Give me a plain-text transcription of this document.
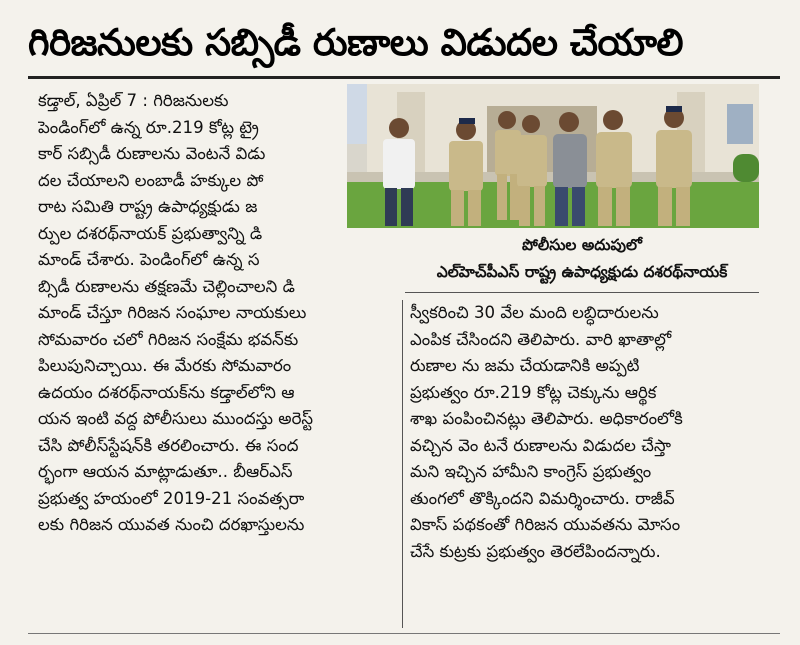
గిరిజనులకు సబ్సిడీ రుణాలు విడుదల చేయాలి

కడ్తాల్, ఏప్రిల్ 7 : గిరిజనులకు

పెండింగ్‌లో ఉన్న రూ.219 కోట్ల ట్రై

కార్ సబ్సిడీ రుణాలను వెంటనే విడు

దల చేయాలని లంబాడీ హక్కుల పో

రాట సమితి రాష్ట్ర ఉపాధ్యక్షుడు జ

ర్పుల దశరథ్‌నాయక్ ప్రభుత్వాన్ని డి

మాండ్ చేశారు. పెండింగ్‌లో ఉన్న స

బ్సిడీ రుణాలను తక్షణమే చెల్లించాలని డి

మాండ్ చేస్తూ గిరిజన సంఘాల నాయకులు

సోమవారం చలో గిరిజన సంక్షేమ భవన్‌కు

పిలుపునిచ్చాయి. ఈ మేరకు సోమవారం

ఉదయం దశరథ్‌నాయక్‌ను కడ్తాల్‌లోని ఆ

యన ఇంటి వద్ద పోలీసులు ముందస్తు అరెస్ట్

చేసి పోలీస్‌స్టేషన్‌కి తరలించారు. ఈ సంద

ర్భంగా ఆయన మాట్లాడుతూ.. బీఆర్ఎస్

ప్రభుత్వ హయంలో 2019-21 సంవత్సరా

లకు గిరిజన యువత నుంచి దరఖాస్తులను

పోలీసుల అదుపులో
ఎల్‌హెచ్‌పీఎస్ రాష్ట్ర ఉపాధ్యక్షుడు దశరథ్‌నాయక్

స్వీకరించి 30 వేల మంది లబ్ధిదారులను

ఎంపిక చేసిందని తెలిపారు. వారి ఖాతాల్లో

రుణాల ను జమ చేయడానికి అప్పటి

ప్రభుత్వం రూ.219 కోట్ల చెక్కును ఆర్థిక

శాఖ పంపించినట్లు తెలిపారు. అధికారంలోకి

వచ్చిన వెం టనే రుణాలను విడుదల చేస్తా

మని ఇచ్చిన హామీని కాంగ్రెస్ ప్రభుత్వం

తుంగలో తొక్కిందని విమర్శించారు. రాజీవ్

వికాస్ పథకంతో గిరిజన యువతను మోసం

చేసే కుట్రకు ప్రభుత్వం తెరలేపిందన్నారు.
